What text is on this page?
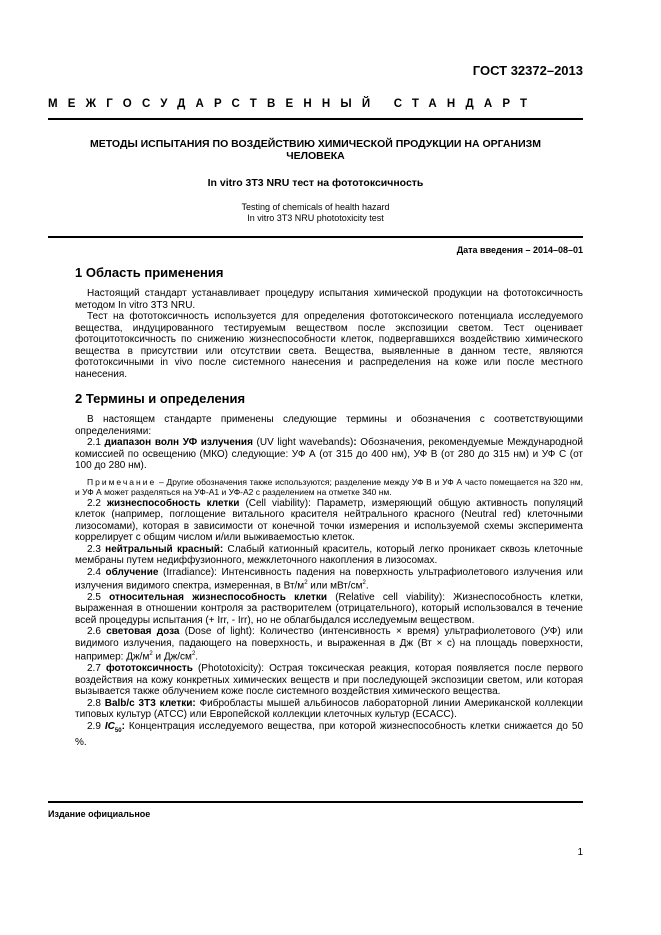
ГОСТ 32372–2013
МЕЖГОСУДАРСТВЕННЫЙ СТАНДАРТ
МЕТОДЫ ИСПЫТАНИЯ ПО ВОЗДЕЙСТВИЮ ХИМИЧЕСКОЙ ПРОДУКЦИИ НА ОРГАНИЗМ
ЧЕЛОВЕКА
In vitro 3T3 NRU тест на фототоксичность
Testing of chemicals of health hazard
In vitro 3T3 NRU phototoxicity test
Дата введения – 2014–08–01
1 Область применения

Настоящий стандарт устанавливает процедуру испытания химической продукции на фототоксичность методом In vitro 3T3 NRU.

Тест на фототоксичность используется для определения фототоксического потенциала исследуемого вещества, индуцированного тестируемым веществом после экспозиции светом. Тест оценивает фотоцитотоксичность по снижению жизнеспособности клеток, подвергавшихся воздействию химического вещества в присутствии или отсутствии света. Вещества, выявленные в данном тесте, являются фототоксичными in vivo после системного нанесения и распределения на коже или после местного нанесения.

2 Термины и определения

В настоящем стандарте применены следующие термины и обозначения с соответствующими определениями:

2.1 диапазон волн УФ излучения (UV light wavebands): Обозначения, рекомендуемые Международной комиссией по освещению (МКО) следующие: УФ А (от 315 до 400 нм), УФ В (от 280 до 315 нм) и УФ С (от 100 до 280 нм).

Примечание – Другие обозначения также используются; разделение между УФ В и УФ А часто помещается на 320 нм, и УФ А может разделяться на УФ-А1 и УФ-А2 с разделением на отметке 340 нм.

2.2 жизнеспособность клетки (Cell viability): Параметр, измеряющий общую активность популяций клеток (например, поглощение витального красителя нейтрального красного (Neutral red) клеточными лизосомами), которая в зависимости от конечной точки измерения и используемой схемы эксперимента коррелирует с общим числом и/или выживаемостью клеток.

2.3 нейтральный красный: Слабый катионный краситель, который легко проникает сквозь клеточные мембраны путем недиффузионного, межклеточного накопления в лизосомах.

2.4 облучение (Irradiance): Интенсивность падения на поверхность ультрафиолетового излучения или излучения видимого спектра, измеренная, в $Вт/м^2$ или мВт/$см^2$.

2.5 относительная жизнеспособность клетки (Relative cell viability): Жизнеспособность клетки, выраженная в отношении контроля за растворителем (отрицательного), который использовался в течение всей процедуры испытания (+ Irr, - Irr), но не облагбыдался исследуемым веществом.

2.6 световая доза (Dose of light): Количество (интенсивность × время) ультрафиолетового (УФ) или видимого излучения, падающего на поверхность, и выраженная в Дж (Вт × с) на площадь поверхности, например: $Дж/м^2$ и $Дж/см^2$.

2.7 фототоксичность (Phototoxicity): Острая токсическая реакция, которая появляется после первого воздействия на кожу конкретных химических веществ и при последующей экспозиции светом, или которая вызывается также облучением коже после системного воздействия химического вещества.

2.8 Balb/c 3T3 клетки: Фибробласты мышей альбиносов лабораторной линии Американской коллекции типовых культур (ATCC) или Европейской коллекции клеточных культур (ECACC).

2.9 $IC_{50}$: Концентрация исследуемого вещества, при которой жизнеспособность клетки снижается до 50 %.

Издание официальное
1
